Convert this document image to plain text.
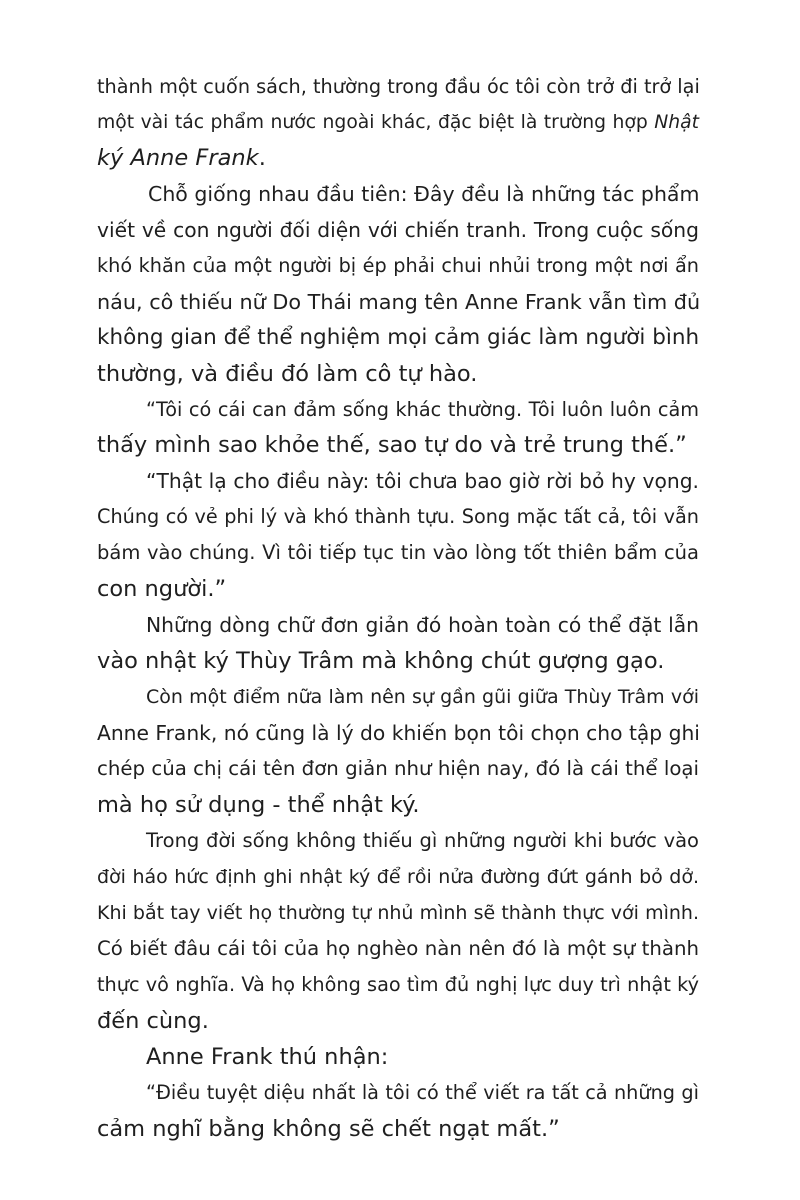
thành một cuốn sách, thường trong đầu óc tôi còn trở đi trở lại

một vài tác phẩm nước ngoài khác, đặc biệt là trường hợp Nhật

ký Anne Frank.

Chỗ giống nhau đầu tiên: Đây đều là những tác phẩm

viết về con người đối diện với chiến tranh. Trong cuộc sống

khó khăn của một người bị ép phải chui nhủi trong một nơi ẩn

náu, cô thiếu nữ Do Thái mang tên Anne Frank vẫn tìm đủ

không gian để thể nghiệm mọi cảm giác làm người bình

thường, và điều đó làm cô tự hào.

“Tôi có cái can đảm sống khác thường. Tôi luôn luôn cảm

thấy mình sao khỏe thế, sao tự do và trẻ trung thế.”

“Thật lạ cho điều này: tôi chưa bao giờ rời bỏ hy vọng.

Chúng có vẻ phi lý và khó thành tựu. Song mặc tất cả, tôi vẫn

bám vào chúng. Vì tôi tiếp tục tin vào lòng tốt thiên bẩm của

con người.”

Những dòng chữ đơn giản đó hoàn toàn có thể đặt lẫn

vào nhật ký Thùy Trâm mà không chút gượng gạo.

Còn một điểm nữa làm nên sự gần gũi giữa Thùy Trâm với

Anne Frank, nó cũng là lý do khiến bọn tôi chọn cho tập ghi

chép của chị cái tên đơn giản như hiện nay, đó là cái thể loại

mà họ sử dụng - thể nhật ký.

Trong đời sống không thiếu gì những người khi bước vào

đời háo hức định ghi nhật ký để rồi nửa đường đứt gánh bỏ dở.

Khi bắt tay viết họ thường tự nhủ mình sẽ thành thực với mình.

Có biết đâu cái tôi của họ nghèo nàn nên đó là một sự thành

thực vô nghĩa. Và họ không sao tìm đủ nghị lực duy trì nhật ký

đến cùng.

Anne Frank thú nhận:

“Điều tuyệt diệu nhất là tôi có thể viết ra tất cả những gì

cảm nghĩ bằng không sẽ chết ngạt mất.”
